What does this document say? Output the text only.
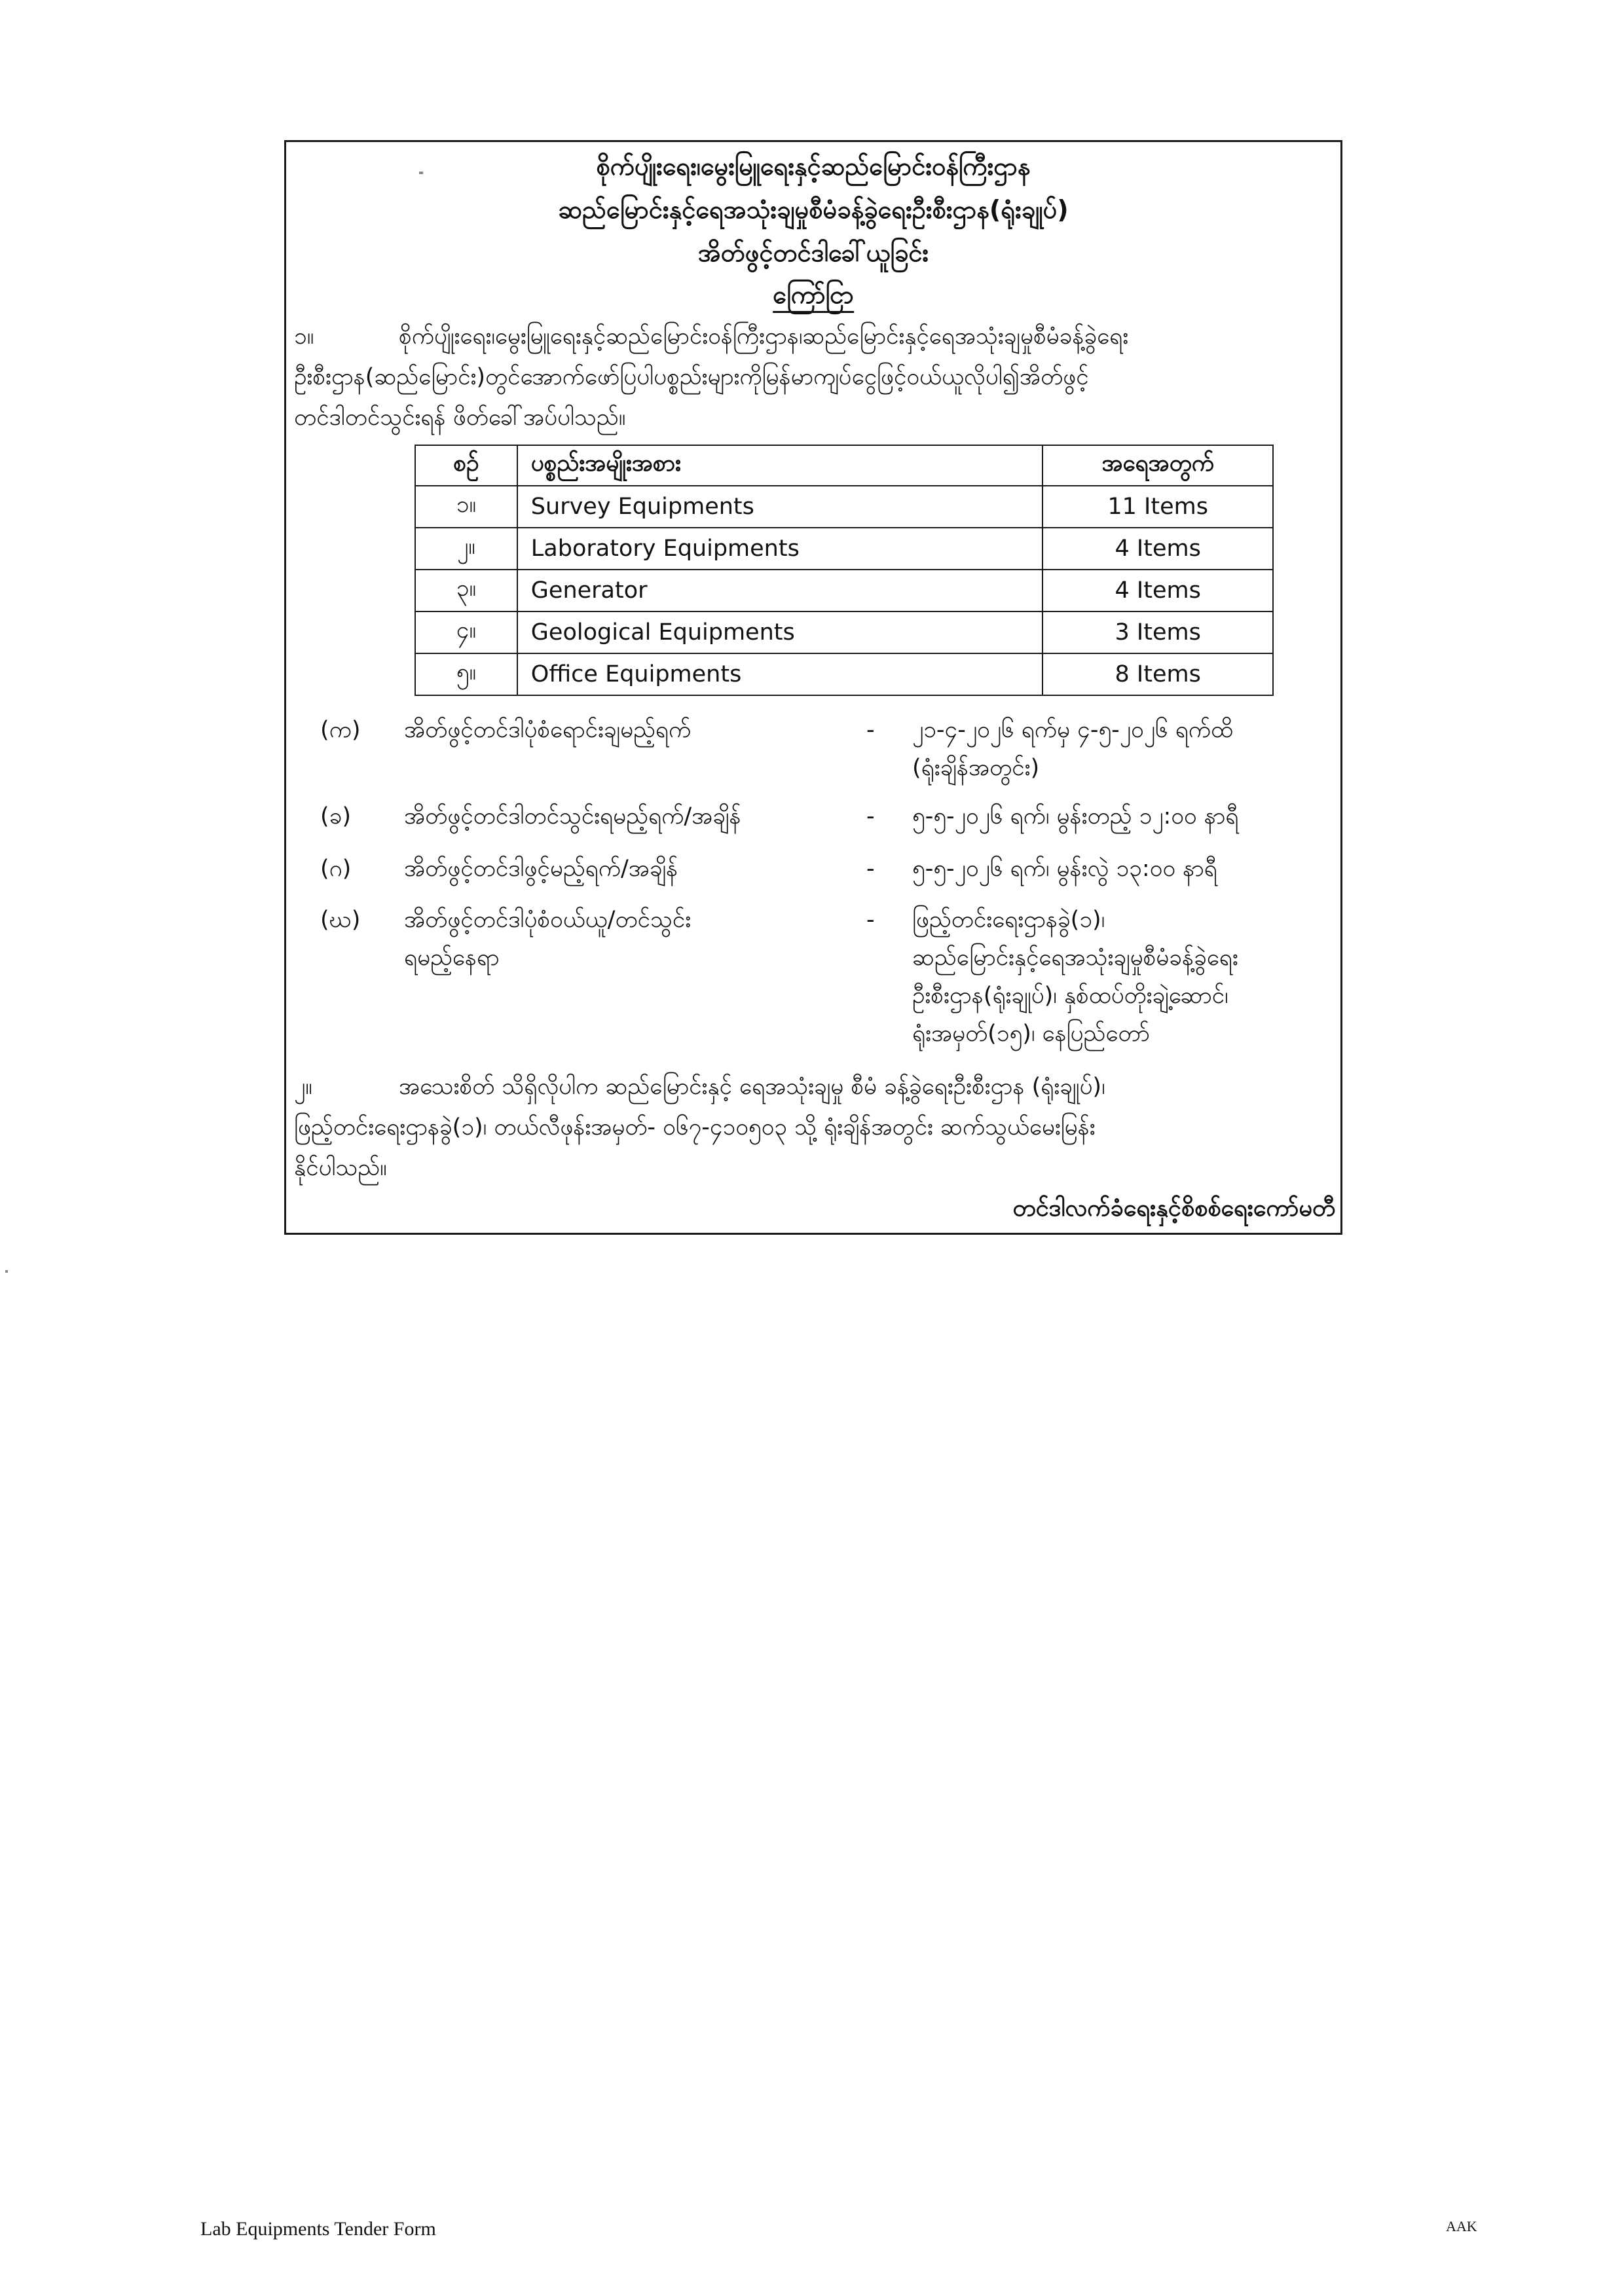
စိုက်ပျိုးရေး၊မွေးမြူရေးနှင့်ဆည်မြောင်းဝန်ကြီးဌာန
ဆည်မြောင်းနှင့်ရေအသုံးချမှုစီမံခန့်ခွဲရေးဦးစီးဌာန(ရုံးချုပ်)
အိတ်ဖွင့်တင်ဒါခေါ်ယူခြင်း
ကြော်ငြာ
၁။	စိုက်ပျိုးရေး၊မွေးမြူရေးနှင့်ဆည်မြောင်းဝန်ကြီးဌာန၊ဆည်မြောင်းနှင့်ရေအသုံးချမှုစီမံခန့်ခွဲရေး
ဦးစီးဌာန(ဆည်မြောင်း)တွင်အောက်ဖော်ပြပါပစ္စည်းများကိုမြန်မာကျပ်ငွေဖြင့်ဝယ်ယူလိုပါ၍အိတ်ဖွင့်
တင်ဒါတင်သွင်းရန် ဖိတ်ခေါ်အပ်ပါသည်။
စဉ်	ပစ္စည်းအမျိုးအစား	အရေအတွက်
၁။	Survey Equipments	11 Items
၂။	Laboratory Equipments	4 Items
၃။	Generator	4 Items
၄။	Geological Equipments	3 Items
၅။	Office Equipments	8 Items
(က) အိတ်ဖွင့်တင်ဒါပုံစံရောင်းချမည့်ရက်	- ၂၁-၄-၂၀၂၆ ရက်မှ ၄-၅-၂၀၂၆ ရက်ထိ
(ရုံးချိန်အတွင်း)
(ခ) အိတ်ဖွင့်တင်ဒါတင်သွင်းရမည့်ရက်/အချိန်	- ၅-၅-၂၀၂၆ ရက်၊ မွန်းတည့် ၁၂:၀၀ နာရီ
(ဂ) အိတ်ဖွင့်တင်ဒါဖွင့်မည့်ရက်/အချိန်	- ၅-၅-၂၀၂၆ ရက်၊ မွန်းလွဲ ၁၃:၀၀ နာရီ
(ဃ) အိတ်ဖွင့်တင်ဒါပုံစံဝယ်ယူ/တင်သွင်း
ရမည့်နေရာ
- ဖြည့်တင်းရေးဌာနခွဲ(၁)၊
ဆည်မြောင်းနှင့်ရေအသုံးချမှုစီမံခန့်ခွဲရေး
ဦးစီးဌာန(ရုံးချုပ်)၊ နှစ်ထပ်တိုးချဲ့ဆောင်၊
ရုံးအမှတ်(၁၅)၊ နေပြည်တော်
၂။	အသေးစိတ် သိရှိလိုပါက ဆည်မြောင်းနှင့် ရေအသုံးချမှု စီမံ ခန့်ခွဲရေးဦးစီးဌာန (ရုံးချုပ်)၊
ဖြည့်တင်းရေးဌာနခွဲ(၁)၊ တယ်လီဖုန်းအမှတ်- ၀၆၇-၄၁၀၅၀၃ သို့ ရုံးချိန်အတွင်း ဆက်သွယ်မေးမြန်း
နိုင်ပါသည်။
တင်ဒါလက်ခံရေးနှင့်စိစစ်ရေးကော်မတီ
Lab Equipments Tender Form	AAK
